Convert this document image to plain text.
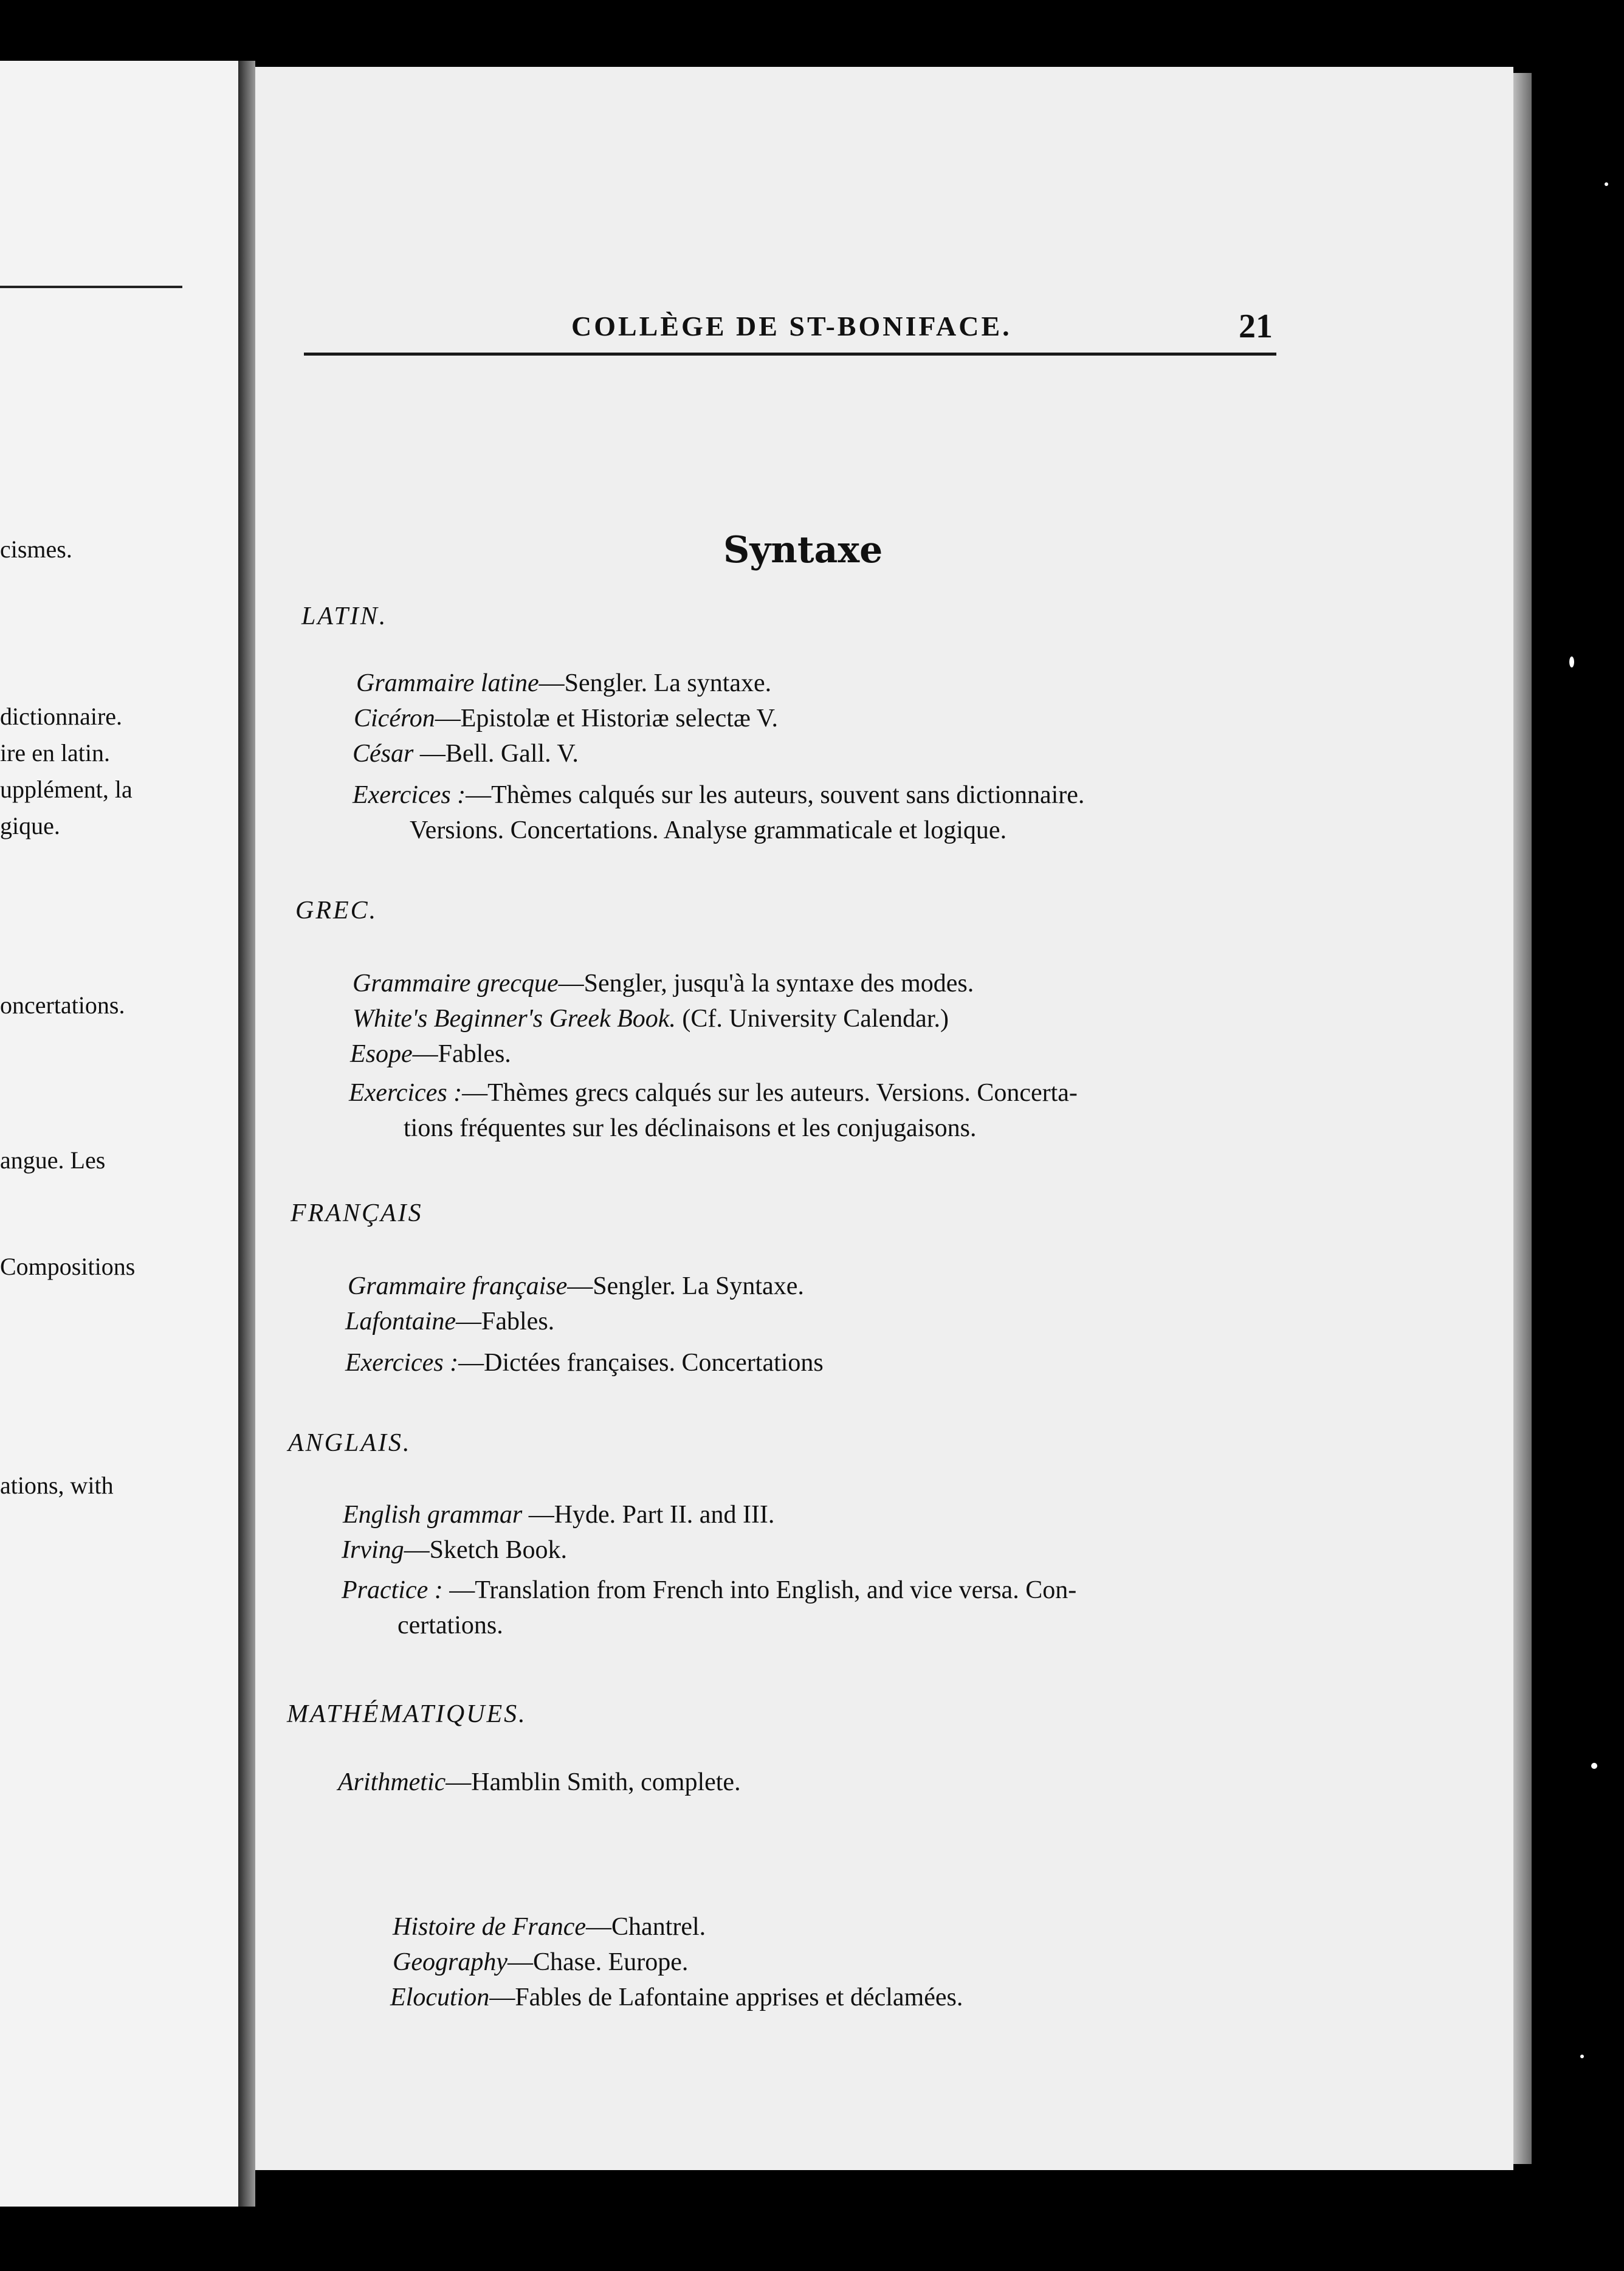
cismes.
dictionnaire.
ire en latin.
upplément, la
gique.
oncertations.
angue. Les
Compositions
ations, with
COLLÈGE DE ST-BONIFACE.	21
Syntaxe
LATIN.
Grammaire latine—Sengler. La syntaxe.
Cicéron—Epistolæ et Historiæ selectæ V.
César —Bell. Gall. V.
Exercices :—Thèmes calqués sur les auteurs, souvent sans dictionnaire.
Versions. Concertations. Analyse grammaticale et logique.
GREC.
Grammaire grecque—Sengler, jusqu'à la syntaxe des modes.
White's Beginner's Greek Book. (Cf. University Calendar.)
Esope—Fables.
Exercices :—Thèmes grecs calqués sur les auteurs. Versions. Concerta-
tions fréquentes sur les déclinaisons et les conjugaisons.
FRANÇAIS
Grammaire française—Sengler. La Syntaxe.
Lafontaine—Fables.
Exercices :—Dictées françaises. Concertations
ANGLAIS.
English grammar —Hyde. Part II. and III.
Irving—Sketch Book.
Practice : —Translation from French into English, and vice versa. Con-
certations.
MATHÉMATIQUES.
Arithmetic—Hamblin Smith, complete.
Histoire de France—Chantrel.
Geography—Chase. Europe.
Elocution—Fables de Lafontaine apprises et déclamées.
